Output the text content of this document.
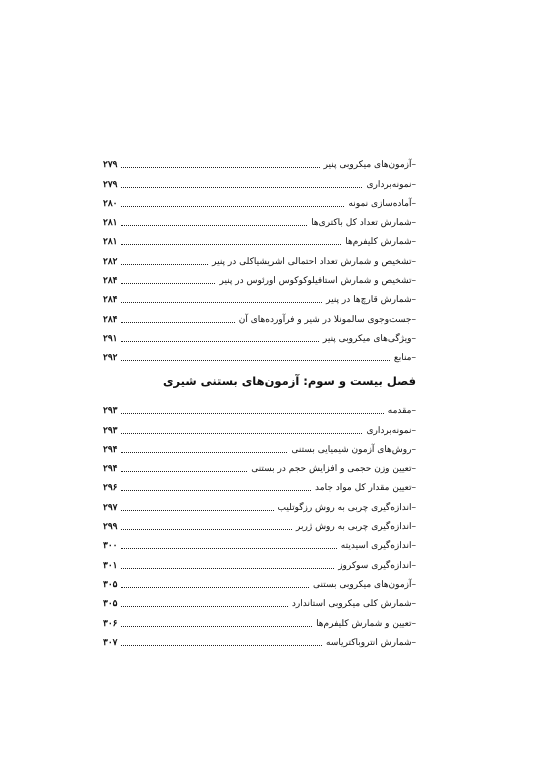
–آزمون‌های میکروبی پنیر
۲۷۹
–نمونه‌برداری
۲۷۹
–آماده‌سازی نمونه
۲۸۰
–شمارش تعداد کل باکتری‌ها
۲۸۱
–شمارش کلیفرم‌ها
۲۸۱
–تشخیص و شمارش تعداد احتمالی اشریشیاکلی در پنیر
۲۸۲
–تشخیص و شمارش استافیلوکوکوس اورئوس در پنیر
۲۸۴
–شمارش قارچ‌ها در پنیر
۲۸۴
–جست‌وجوی سالمونلا در شیر و فرآورده‌های آن
۲۸۴
–ویژگی‌های میکروبی پنیر
۲۹۱
–منابع
۲۹۲
فصل بیست و سوم: آزمون‌های بستنی شیری
–مقدمه
۲۹۳
–نمونه‌برداری
۲۹۳
–روش‌های آزمون شیمیایی بستنی
۲۹۴
–تعیین وزن حجمی و افزایش حجم در بستنی
۲۹۴
–تعیین مقدار کل مواد جامد
۲۹۶
–اندازه‌گیری چربی به روش رزگوتلیب
۲۹۷
–اندازه‌گیری چربی به روش ژربر
۲۹۹
–اندازه‌گیری اسیدیته
۳۰۰
–اندازه‌گیری سوکروز
۳۰۱
–آزمون‌های میکروبی بستنی
۳۰۵
–شمارش کلی میکروبی استاندارد
۳۰۵
–تعیین و شمارش کلیفرم‌ها
۳۰۶
–شمارش انتروباکتریاسه
۳۰۷
